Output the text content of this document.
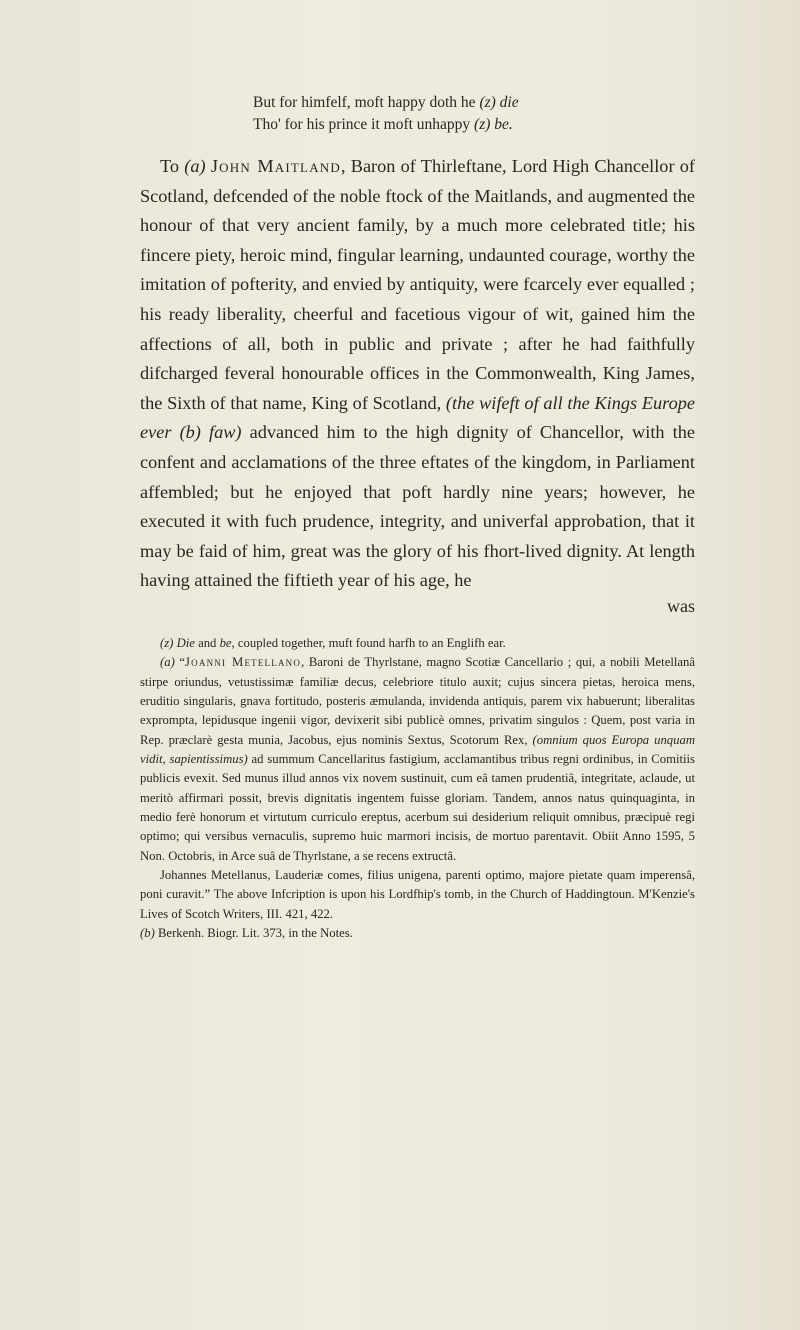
But for himfelf, moft happy doth he (z) die
Tho' for his prince it moft unhappy (z) be.
To (a) John Maitland, Baron of Thirleftane, Lord High Chancellor of Scotland, defcended of the noble ftock of the Maitlands, and augmented the honour of that very ancient family, by a much more celebrated title; his fincere piety, heroic mind, fingular learning, undaunted courage, worthy the imitation of pofterity, and envied by antiquity, were fcarcely ever equalled ; his ready liberality, cheerful and facetious vigour of wit, gained him the affections of all, both in public and private ; after he had faithfully difcharged feveral honourable offices in the Commonwealth, King James, the Sixth of that name, King of Scotland, (the wifeft of all the Kings Europe ever (b) faw) advanced him to the high dignity of Chancellor, with the confent and acclamations of the three eftates of the kingdom, in Parliament affembled; but he enjoyed that poft hardly nine years; however, he executed it with fuch prudence, integrity, and univerfal approbation, that it may be faid of him, great was the glory of his fhort-lived dignity. At length having attained the fiftieth year of his age, he
was

(z) Die and be, coupled together, muft found harfh to an Englifh ear.

(a) “Joanni Metellano, Baroni de Thyrlstane, magno Scotiæ Cancellario ; qui, a nobili Metellanâ stirpe oriundus, vetustissimæ familiæ decus, celebriore titulo auxit; cujus sincera pietas, heroica mens, eruditio singularis, gnava fortitudo, posteris æmulanda, invidenda antiquis, parem vix habuerunt; liberalitas exprompta, lepidusque ingenii vigor, devixerit sibi publicè omnes, privatim singulos : Quem, post varia in Rep. præclarè gesta munia, Jacobus, ejus nominis Sextus, Scotorum Rex, (omnium quos Europa unquam vidit, sapientissimus) ad summum Cancellaritus fastigium, acclamantibus tribus regni ordinibus, in Comitiis publicis evexit. Sed munus illud annos vix novem sustinuit, cum eâ tamen prudentiâ, integritate, aclaude, ut meritò affirmari possit, brevis dignitatis ingentem fuisse gloriam. Tandem, annos natus quinquaginta, in medio ferè honorum et virtutum curriculo ereptus, acerbum sui desiderium reliquit omnibus, præcipuè regi optimo; qui versibus vernaculis, supremo huic marmori incisis, de mortuo parentavit. Obiit Anno 1595, 5 Non. Octobris, in Arce suâ de Thyrlstane, a se recens extructâ.

Johannes Metellanus, Lauderiæ comes, filius unigena, parenti optimo, majore pietate quam imperensâ, poni curavit.” The above Infcription is upon his Lordfhip's tomb, in the Church of Haddingtoun. M'Kenzie's Lives of Scotch Writers, III. 421, 422.

(b) Berkenh. Biogr. Lit. 373, in the Notes.
